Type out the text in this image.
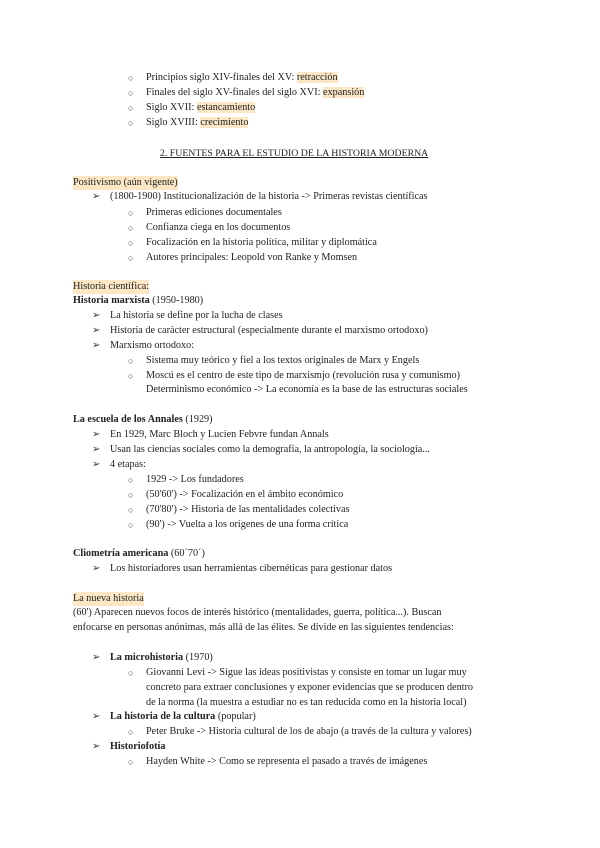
○ Principios siglo XIV-finales del XV: retracción
○ Finales del siglo XV-finales del siglo XVI: expansión
○ Siglo XVII: estancamiento
○ Siglo XVIII: crecimiento
2. FUENTES PARA EL ESTUDIO DE LA HISTORIA MODERNA
Positivismo (aún vigente)
➢ (1800-1900) Institucionalización de la historia -> Primeras revistas científicas
○ Primeras ediciones documentales
○ Confianza ciega en los documentos
○ Focalización en la historia política, militar y diplomática
○ Autores principales: Leopold von Ranke y Momsen
Historia científica:
Historia marxista (1950-1980)
➢ La historia se define por la lucha de clases
➢ Historia de carácter estructural (especialmente durante el marxismo ortodoxo)
➢ Marxismo ortodoxo:
○ Sistema muy teórico y fiel a los textos originales de Marx y Engels
○ Moscú es el centro de este tipo de marxismjo (revolución rusa y comunismo)
Determinismo económico -> La economía es la base de las estructuras sociales
La escuela de los Annales (1929)
➢ En 1929, Marc Bloch y Lucien Febvre fundan Annals
➢ Usan las ciencias sociales como la demografía, la antropología, la sociología...
➢ 4 etapas:
○ 1929 -> Los fundadores
○ (50'60') -> Focalización en el ámbito económico
○ (70'80') -> Historia de las mentalidades colectivas
○ (90') -> Vuelta a los orígenes de una forma crítica
Cliometría americana (60´70´)
➢ Los historiadores usan herramientas cibernéticas para gestionar datos
La nueva historia
(60') Aparecen nuevos focos de interés histórico (mentalidades, guerra, política...). Buscan
enfocarse en personas anónimas, más allá de las élites. Se divide en las siguientes tendencias:
➢ La microhistoria (1970)
○ Giovanni Levi -> Sigue las ideas positivistas y consiste en tomar un lugar muy
concreto para extraer conclusiones y exponer evidencias que se producen dentro
de la norma (la muestra a estudiar no es tan reducida como en la historia local)
➢ La historia de la cultura (popular)
○ Peter Bruke -> Historia cultural de los de abajo (a través de la cultura y valores)
➢ Historiofotía
○ Hayden White -> Como se representa el pasado a través de imágenes
